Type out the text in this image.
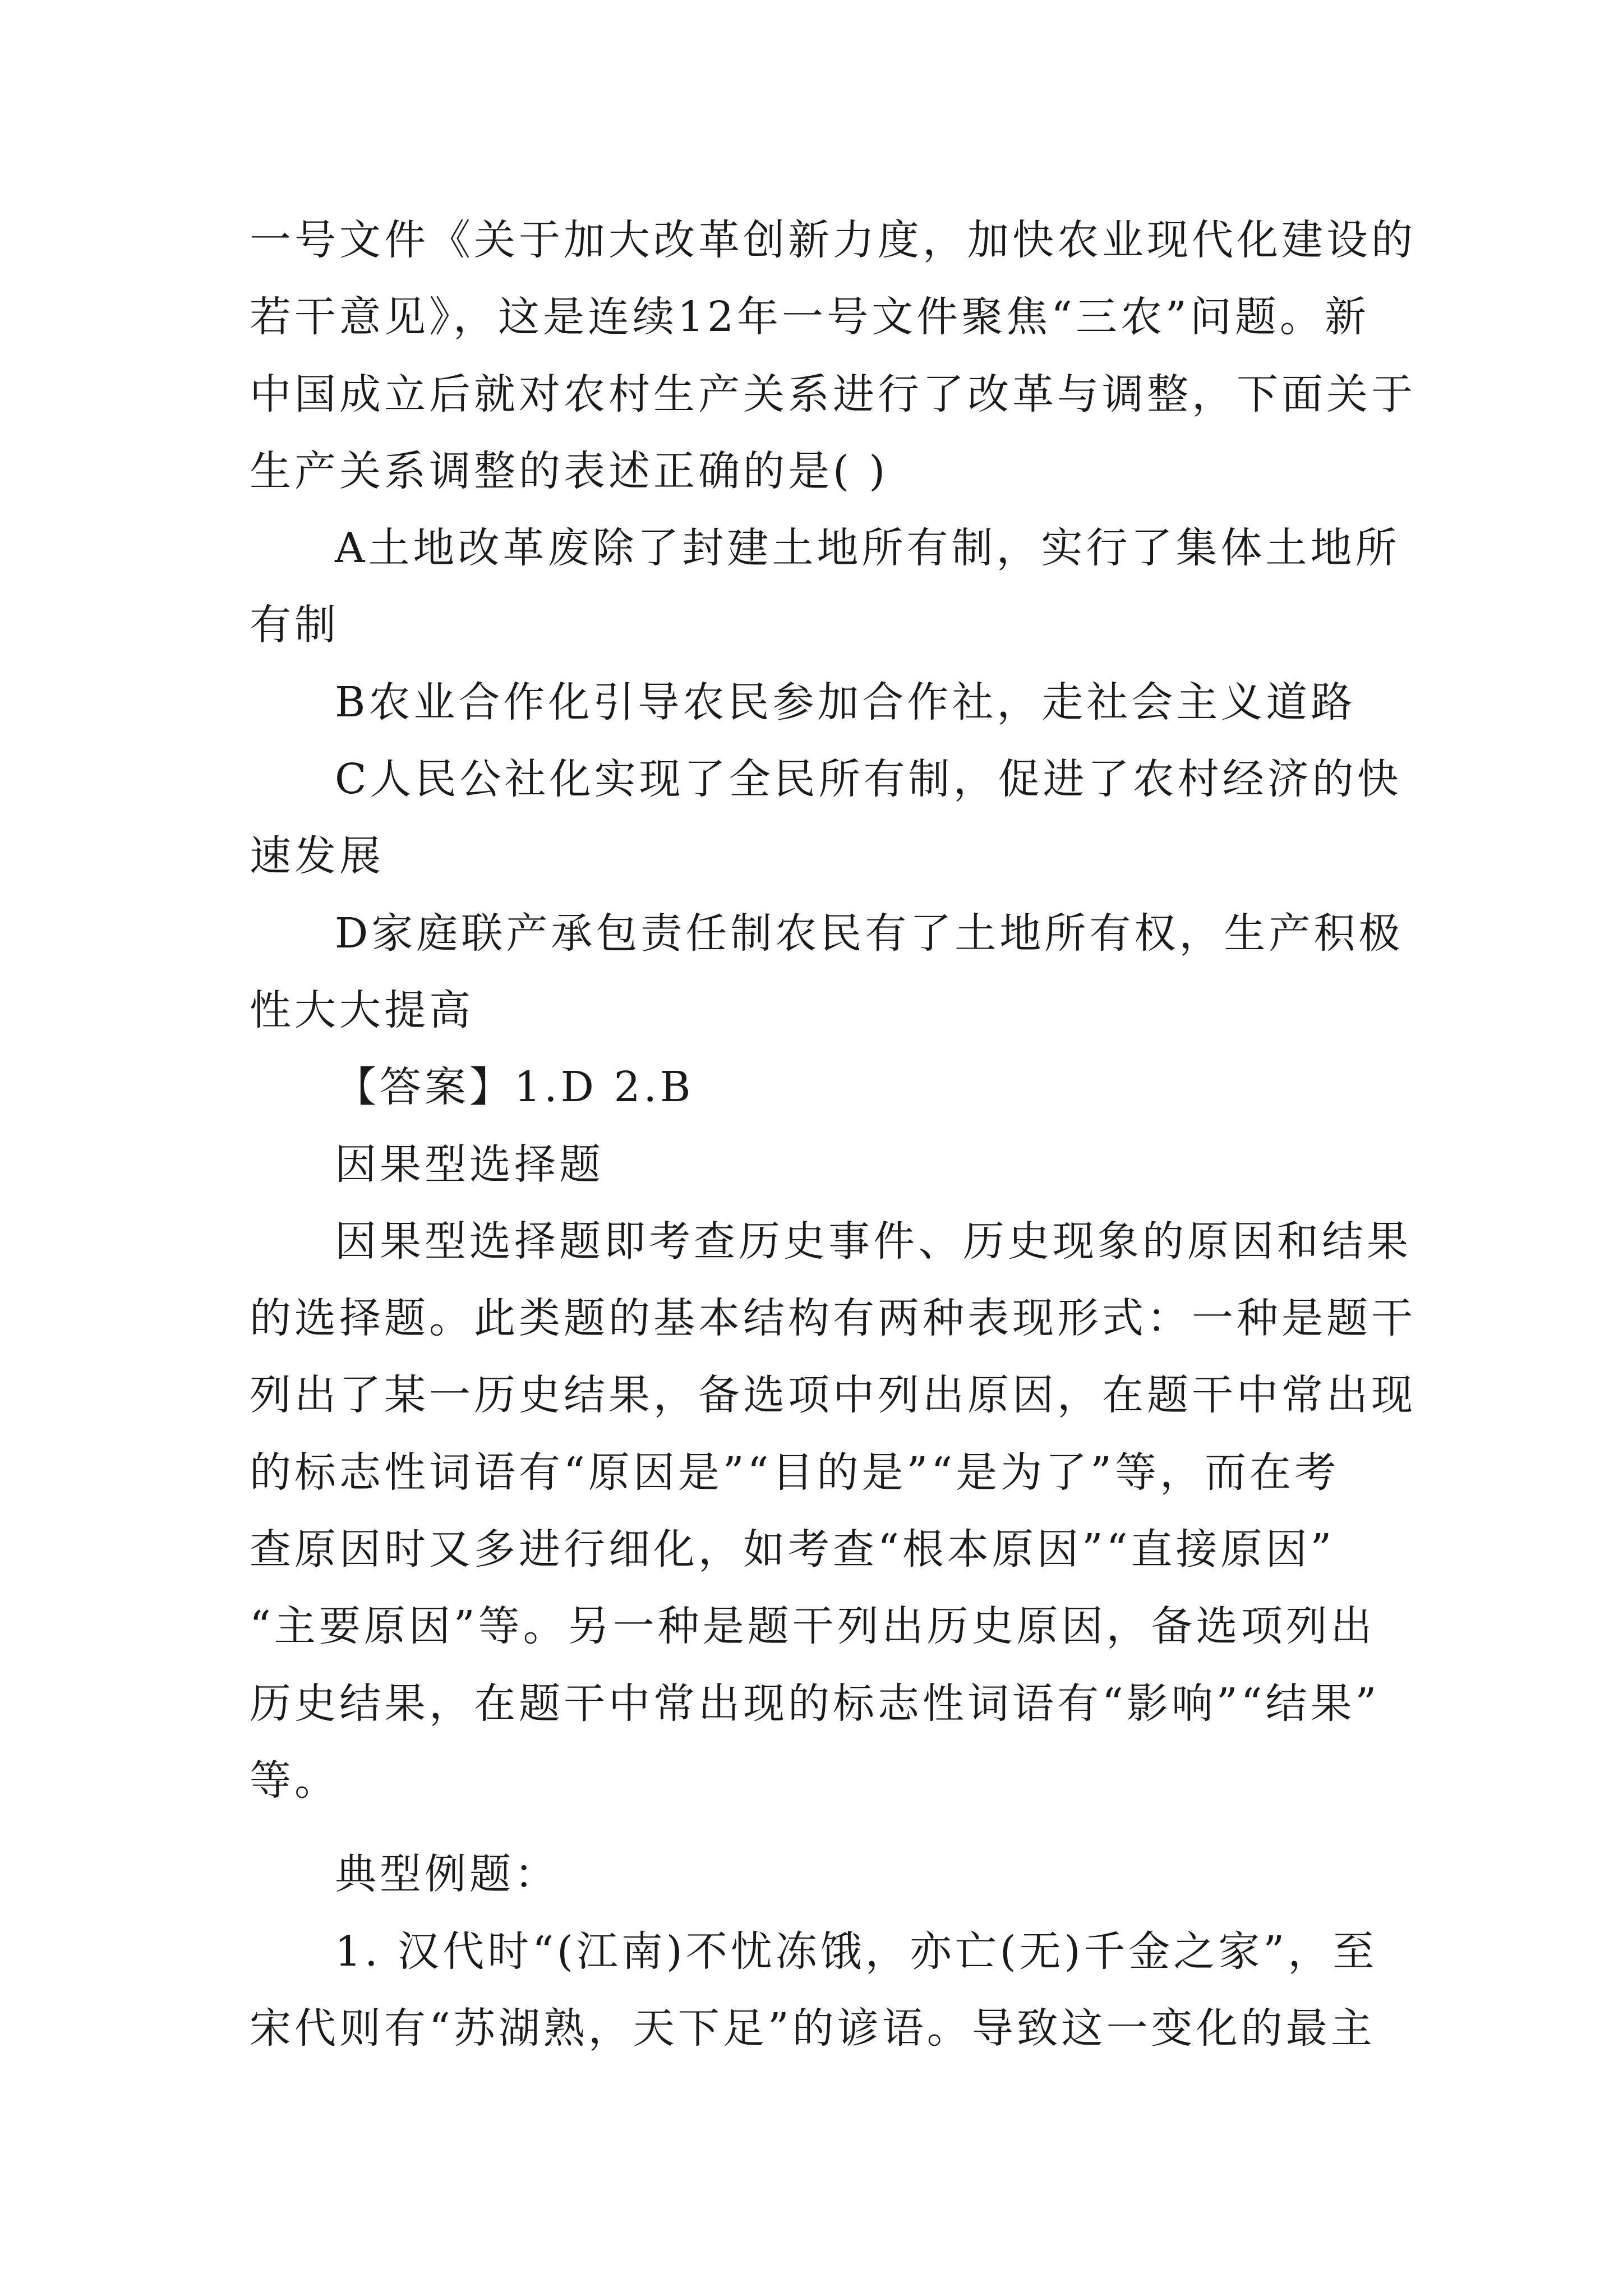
一号文件《关于加大改革创新力度，加快农业现代化建设的
若干意见》，这是连续12年一号文件聚焦“三农”问题。新
中国成立后就对农村生产关系进行了改革与调整，下面关于
生产关系调整的表述正确的是( )
A土地改革废除了封建土地所有制，实行了集体土地所
有制
B农业合作化引导农民参加合作社，走社会主义道路
C人民公社化实现了全民所有制，促进了农村经济的快
速发展
D家庭联产承包责任制农民有了土地所有权，生产积极
性大大提高
【答案】1.D 2.B
因果型选择题
因果型选择题即考查历史事件、历史现象的原因和结果
的选择题。此类题的基本结构有两种表现形式：一种是题干
列出了某一历史结果，备选项中列出原因，在题干中常出现
的标志性词语有“原因是”“目的是”“是为了”等，而在考
查原因时又多进行细化，如考查“根本原因”“直接原因”
“主要原因”等。另一种是题干列出历史原因，备选项列出
历史结果，在题干中常出现的标志性词语有“影响”“结果”
等。
典型例题：
1. 汉代时“(江南)不忧冻饿，亦亡(无)千金之家”，至
宋代则有“苏湖熟，天下足”的谚语。导致这一变化的最主
